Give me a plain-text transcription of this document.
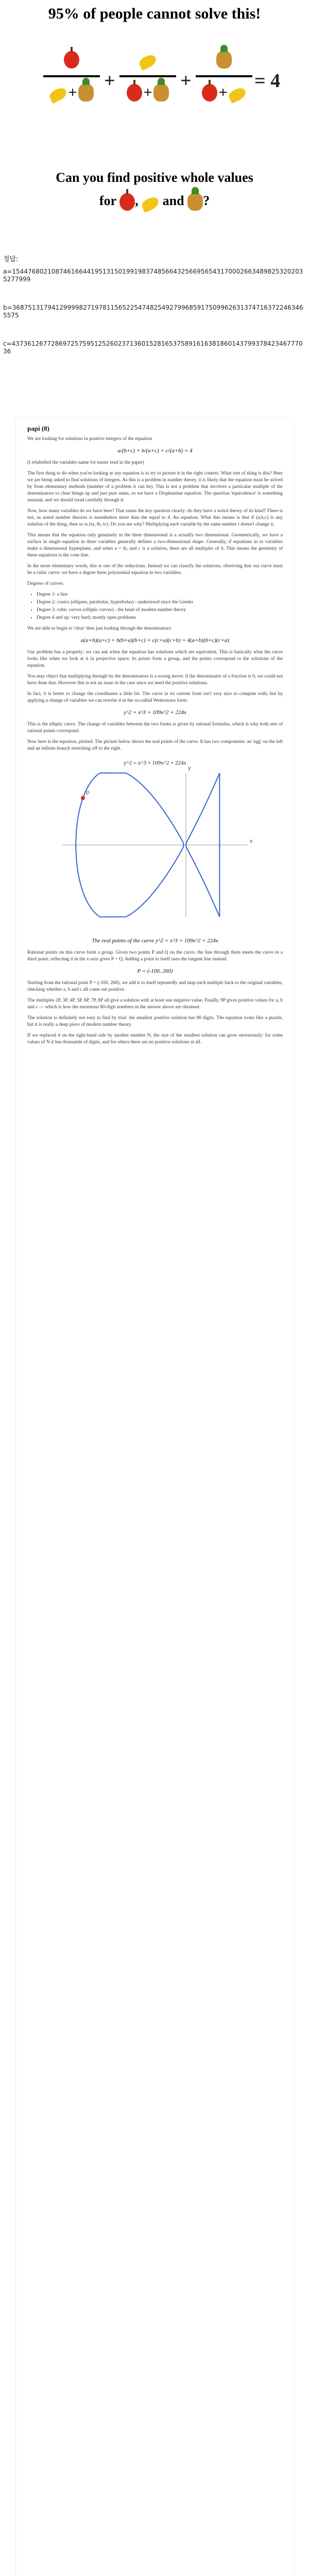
95% of people cannot solve this!
+
+
+
+
+
= 4
Can you find positive whole values
for , and ?
정답:
a=154476802108746166441951315019919837485664325669565431700026634898253202035277999
b=368751317941299998271978115652254748254927996859175099626313747163722463465575
c=4373612677286972575951252602371360152816537589161638186014379937842346777036
papi (8)

We are looking for solutions in positive integers of the equation

a/(b+c) + b/(a+c) + c/(a+b) = 4

(I relabelled the variables name for easier read in the paper)

The first thing to do when you're looking at any equation is to try to picture it in the right context. What sort of thing is this? Here we are being asked to find solutions of integers. As this is a problem in number theory, it is likely that the equation must be solved by from elementary methods (number of a problem it can be). This is not a problem that involves a particular multiple of the denominators to clear things up and just pure sums, so we have a Diophantine equation. The question 'equivalence' is something unusual, and we should tread carefully through it.

Now, how many variables do we have here? That raises the key question clearly: do they have a weird theory of its kind? There is not, as noted number theorist is nonetheless more than the equal to 4. An equation. What this means is that if (a,b,c) is any solution of the thing, then so is (ta, tb, tc). Do you see why? Multiplying each variable by the same number t doesn't change it.

This means that the equation only genuinely in the three dimensional is a actually two dimensional. Geometrically, we have a surface in single equation in three variables generally defines a two-dimensional shape. Generally, if equations in to variables make a dimensional hyperplane, and when a = tb, and c is a solution, there are all multiples of it. This means the geometry of these equations is the cone line.

In the more elementary words, this is one of the reductions. Instead we can classify the solutions, observing that our curve must be a cubic curve: we have a degree three polynomial equation in two variables.

Degrees of curves:

• Degree 1: a line
• Degree 2: conics (ellipses, parabolas, hyperbolas) - understood since the Greeks
• Degree 3: cubic curves (elliptic curves) - the heart of modern number theory
• Degree 4 and up: very hard; mostly open problems

We are able to begin to 'clear' then just looking through the denominators:

a(a+b)(a+c) + b(b+a)(b+c) + c(c+a)(c+b) = 4(a+b)(b+c)(c+a)

Our problem has a property: we can ask when the equation has solutions which are equivalent. This is basically what the curve looks like when we look at it in projective space; its points form a group, and the points correspond to the solutions of the equation.

You may object that multiplying through by the denominators is a wrong move: if the denominator of a fraction is 0, we could not have done that. However this is not an issue in the case since we need the positive solutions.

In fact, it is better to change the coordinates a little bit. The curve in its current form isn't very nice to compute with; but by applying a change of variables we can rewrite it in the so-called Weierstrass form:

y^2 = x^3 + 109x^2 + 224x

This is the elliptic curve. The change of variables between the two forms is given by rational formulas, which is why both sets of rational points correspond.

Now here is the equation, plotted. The picture below shows the real points of the curve. It has two components: an 'egg' on the left and an infinite branch stretching off to the right.

P
x
y
y^2 = x^3 + 109x^2 + 224x
The real points of the curve y^2 = x^3 + 109x^2 + 224x

Rational points on this curve form a group. Given two points P and Q on the curve, the line through them meets the curve in a third point; reflecting it in the x-axis gives P + Q. Adding a point to itself uses the tangent line instead.

P = (-100, 260)

Starting from the rational point P = (-100, 260), we add it to itself repeatedly and map each multiple back to the original variables, checking whether a, b and c all come out positive.

The multiples 2P, 3P, 4P, 5P, 6P, 7P, 8P all give a solution with at least one negative value. Finally, 9P gives positive values for a, b and c — which is how the enormous 80-digit numbers in the answer above are obtained.

The solution is definitely not easy to find by trial: the smallest positive solution has 80 digits. The equation looks like a puzzle, but it is really a deep piece of modern number theory.

If we replaced 4 on the right-hand side by another number N, the size of the smallest solution can grow enormously: for some values of N it has thousands of digits, and for others there are no positive solutions at all.
